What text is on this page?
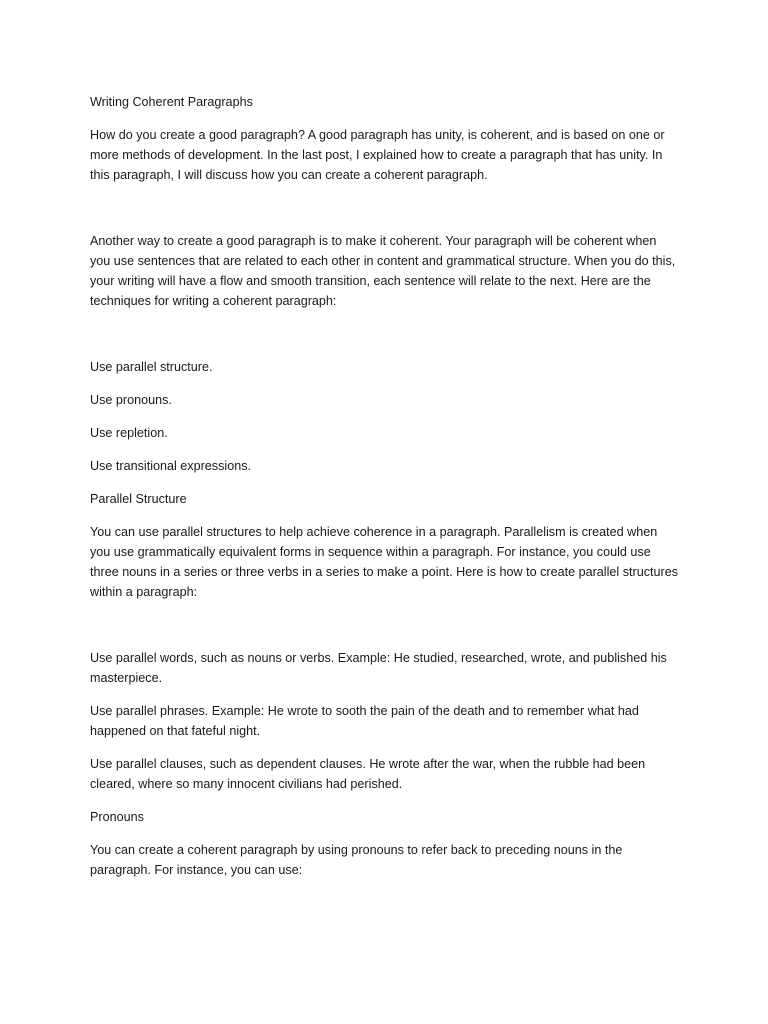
Writing Coherent Paragraphs

How do you create a good paragraph? A good paragraph has unity, is coherent, and is based on one or more methods of development. In the last post, I explained how to create a paragraph that has unity. In this paragraph, I will discuss how you can create a coherent paragraph.

Another way to create a good paragraph is to make it coherent. Your paragraph will be coherent when you use sentences that are related to each other in content and grammatical structure. When you do this, your writing will have a flow and smooth transition, each sentence will relate to the next. Here are the techniques for writing a coherent paragraph:

Use parallel structure.

Use pronouns.

Use repletion.

Use transitional expressions.

Parallel Structure

You can use parallel structures to help achieve coherence in a paragraph. Parallelism is created when you use grammatically equivalent forms in sequence within a paragraph. For instance, you could use three nouns in a series or three verbs in a series to make a point. Here is how to create parallel structures within a paragraph:

Use parallel words, such as nouns or verbs. Example: He studied, researched, wrote, and published his masterpiece.

Use parallel phrases. Example: He wrote to sooth the pain of the death and to remember what had happened on that fateful night.

Use parallel clauses, such as dependent clauses. He wrote after the war, when the rubble had been cleared, where so many innocent civilians had perished.

Pronouns

You can create a coherent paragraph by using pronouns to refer back to preceding nouns in the paragraph. For instance, you can use:
